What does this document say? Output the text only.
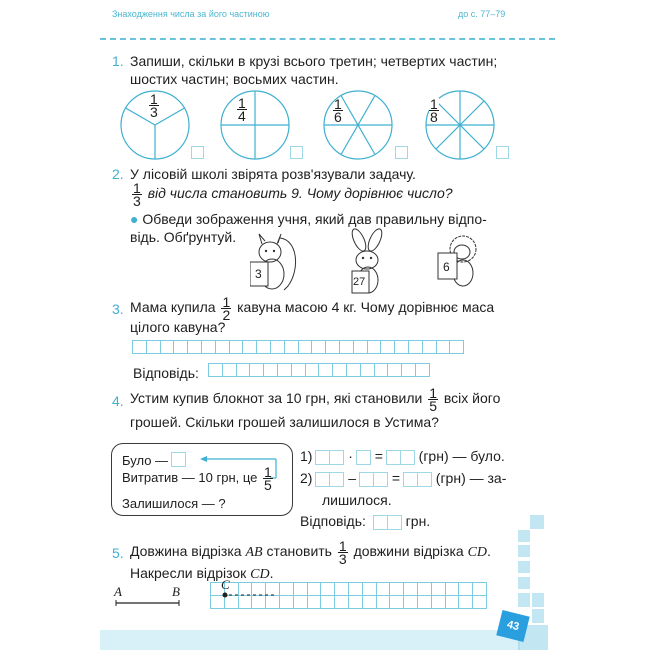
Знаходження числа за його частиною	до с. 77–79
1. Запиши, скільки в крузі всього третин; четвертих частин;
шостих частин; восьмих частин.
$\frac{1}{3}$	$\frac{1}{4}$	$\frac{1}{6}$	$\frac{1}{8}$
2. У лісовій школі звірята розв'язували задачу.
$\frac{1}{3}$ від числа становить 9. Чому дорівнює число?
● Обведи зображення учня, який дав правильну відпо-
відь. Обґрунтуй.
3
27
6
3. Мама купила $\frac{1}{2}$ кавуна масою 4 кг. Чому дорівнює маса
цілого кавуна?
Відповідь:
4. Устим купив блокнот за 10 грн, які становили $\frac{1}{5}$ всіх його
грошей. Скільки грошей залишилося в Устима?
Було —
Витратив — 10 грн, це $\frac{1}{5}$
Залишилося — ?
1)	· =	(грн) — було.
2)	–	=	(грн) — за-
лишилося.
Відповідь:	грн.
5. Довжина відрізка AB становить $\frac{1}{3}$ довжини відрізка CD.
Накресли відрізок CD.
A	B	C
43
